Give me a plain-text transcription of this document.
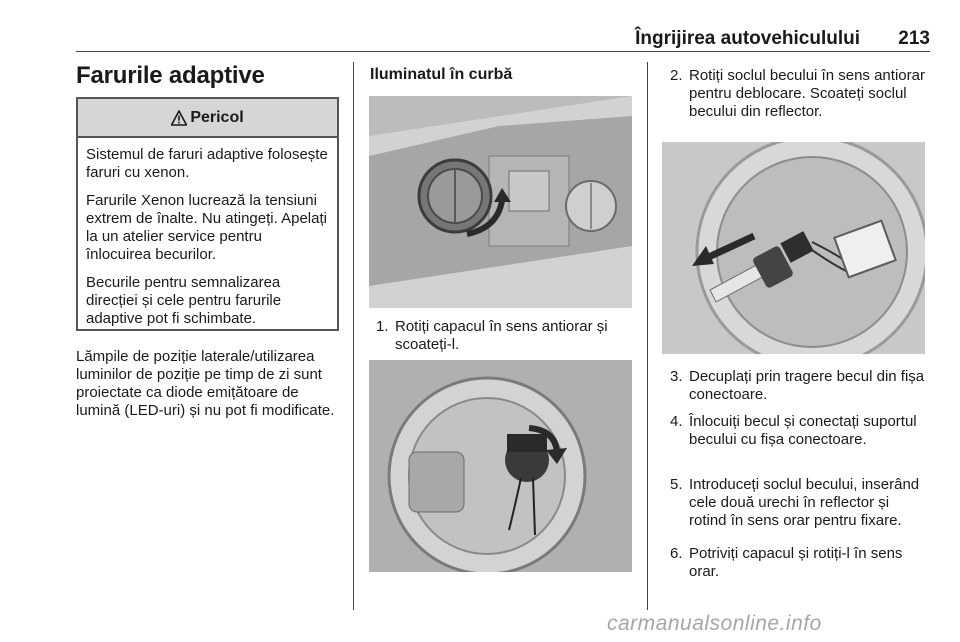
Îngrijirea autovehiculului	213
Farurile adaptive
Pericol

Sistemul de faruri adaptive folosește faruri cu xenon.

Farurile Xenon lucrează la tensiuni extrem de înalte. Nu atingeți. Apelați la un atelier service pentru înlocuirea becurilor.

Becurile pentru semnalizarea direcției și cele pentru farurile adaptive pot fi schimbate.

Lămpile de poziție laterale/utilizarea luminilor de poziție pe timp de zi sunt proiectate ca diode emițătoare de lumină (LED-uri) și nu pot fi modificate.

Iluminatul în curbă

1. Rotiți capacul în sens antiorar și scoateți-l.

2. Rotiți soclul becului în sens antiorar pentru deblocare. Scoateți soclul becului din reflector.

3. Decuplați prin tragere becul din fișa conectoare.

4. Înlocuiți becul și conectați suportul becului cu fișa conectoare.

5. Introduceți soclul becului, inserând cele două urechi în reflector și rotind în sens orar pentru fixare.

6. Potriviți capacul și rotiți-l în sens orar.

carmanualsonline.info
